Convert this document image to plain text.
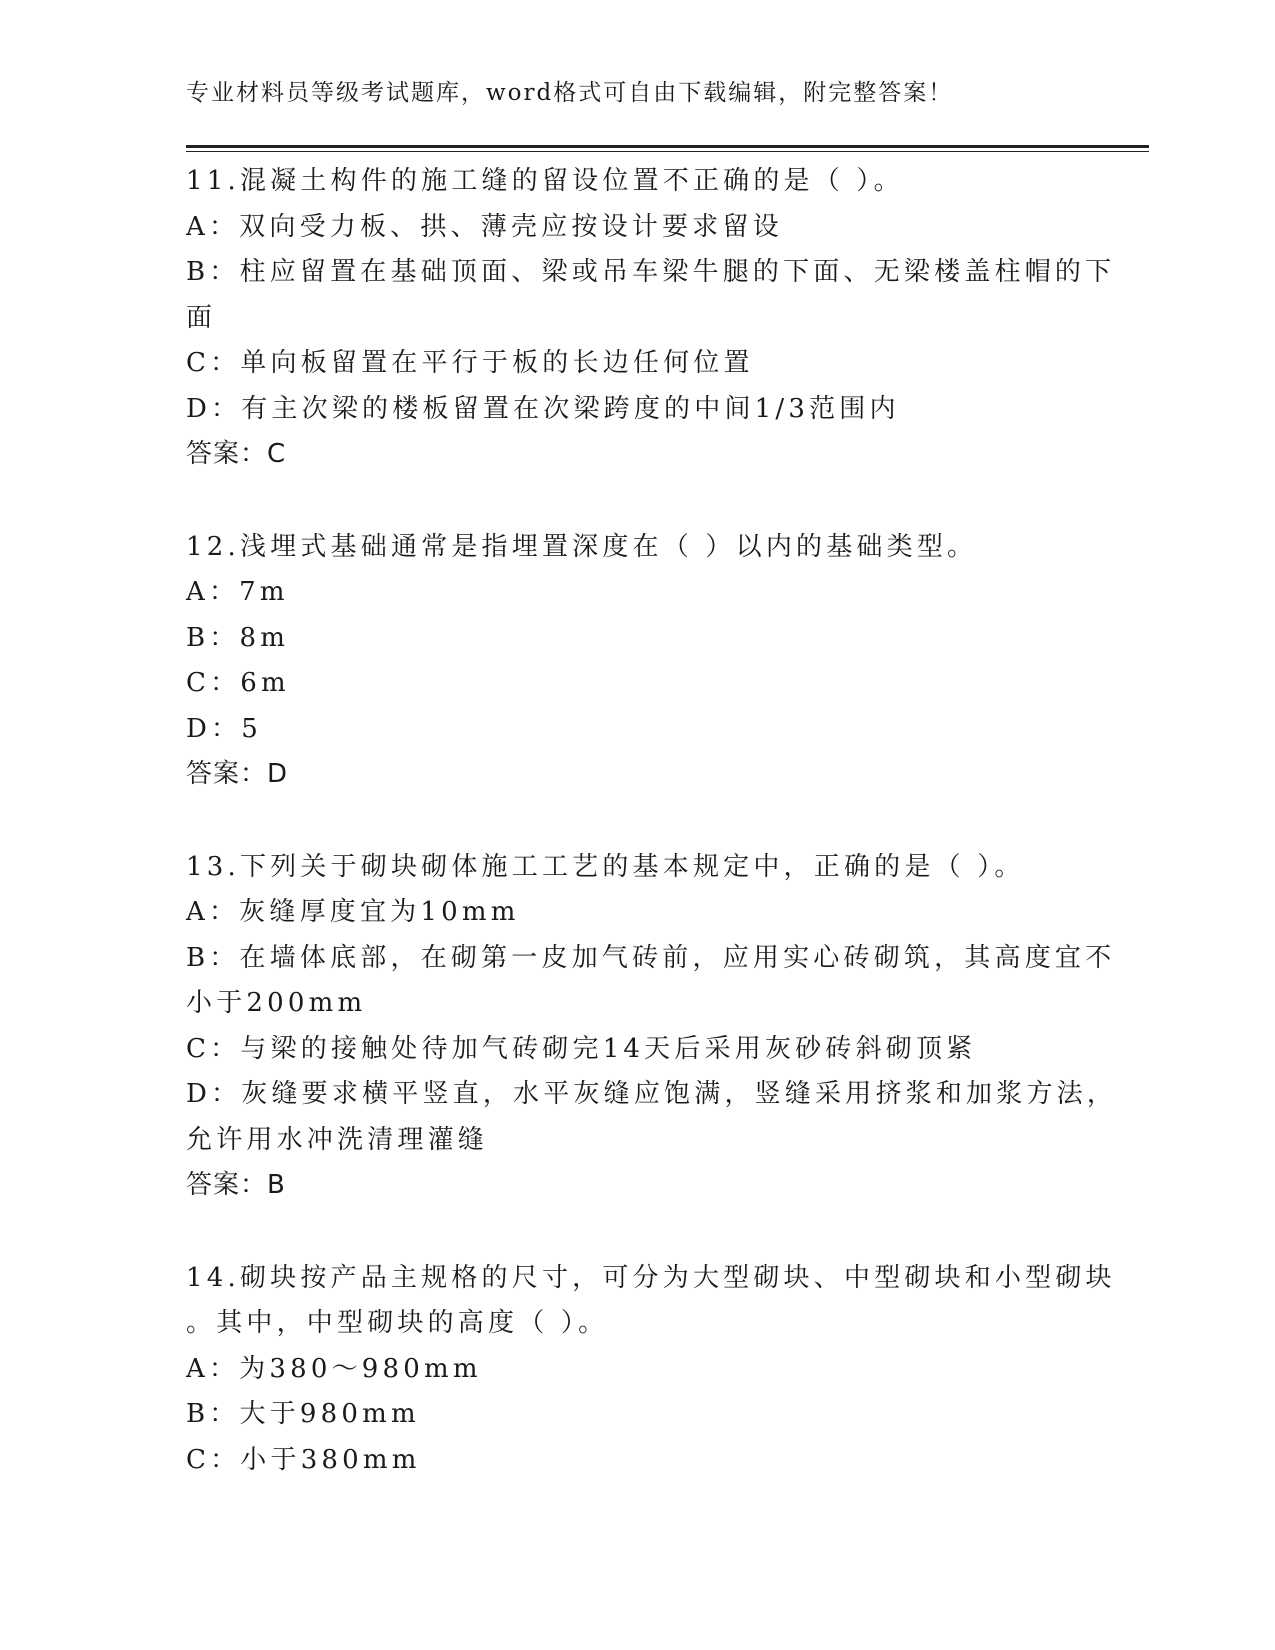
专业材料员等级考试题库，word格式可自由下载编辑，附完整答案！
11.混凝土构件的施工缝的留设位置不正确的是（ ）。
A：双向受力板、拱、薄壳应按设计要求留设
B：柱应留置在基础顶面、梁或吊车梁牛腿的下面、无梁楼盖柱帽的下
面
C：单向板留置在平行于板的长边任何位置
D：有主次梁的楼板留置在次梁跨度的中间1/3范围内
答案：C
12.浅埋式基础通常是指埋置深度在（ ）以内的基础类型。
A：7m
B：8m
C：6m
D：5
答案：D
13.下列关于砌块砌体施工工艺的基本规定中，正确的是（ ）。
A：灰缝厚度宜为10mm
B：在墙体底部，在砌第一皮加气砖前，应用实心砖砌筑，其高度宜不
小于200mm
C：与梁的接触处待加气砖砌完14天后采用灰砂砖斜砌顶紧
D：灰缝要求横平竖直，水平灰缝应饱满，竖缝采用挤浆和加浆方法，
允许用水冲洗清理灌缝
答案：B
14.砌块按产品主规格的尺寸，可分为大型砌块、中型砌块和小型砌块
。其中，中型砌块的高度（ ）。
A：为380～980mm
B：大于980mm
C：小于380mm
